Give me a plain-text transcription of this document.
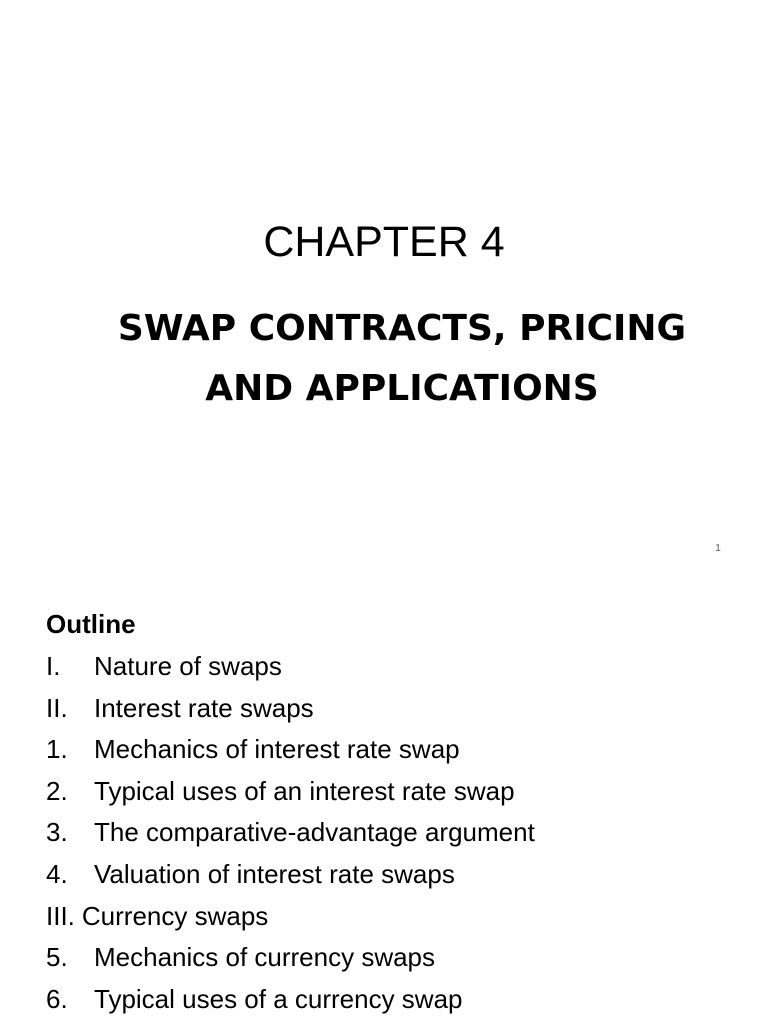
CHAPTER 4
SWAP CONTRACTS, PRICING
AND APPLICATIONS
1
Outline
I.	Nature of swaps
II.	Interest rate swaps
1.	Mechanics of interest rate swap
2.	Typical uses of an interest rate swap
3.	The comparative-advantage argument
4.	Valuation of interest rate swaps
III. Currency swaps
5.	Mechanics of currency swaps
6.	Typical uses of a currency swap
